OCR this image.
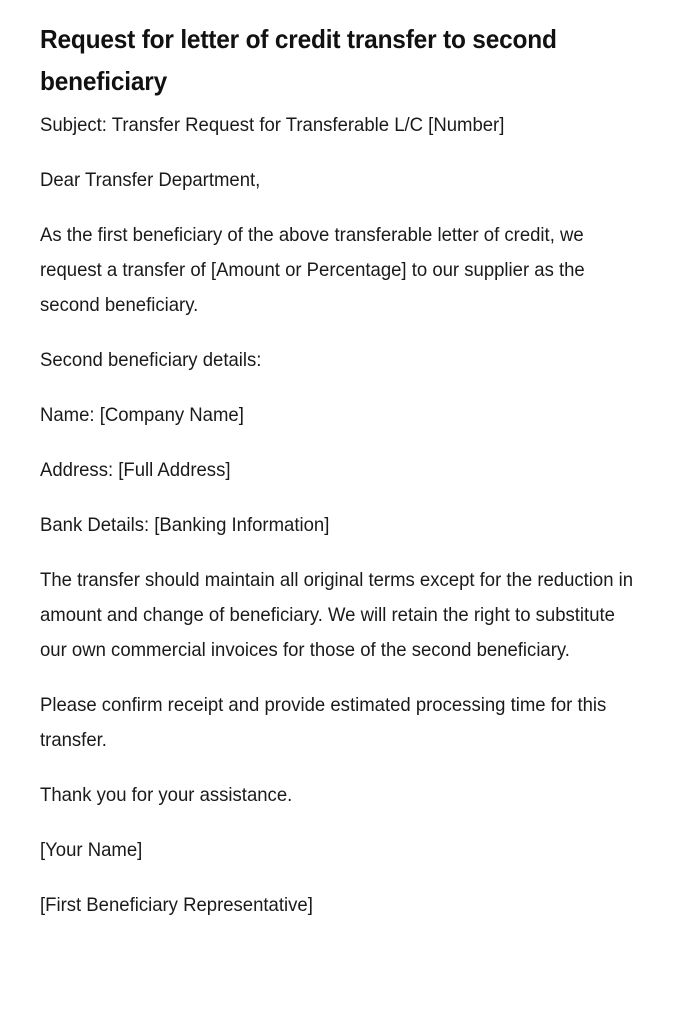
Request for letter of credit transfer to second beneficiary

Subject: Transfer Request for Transferable L/C [Number]

Dear Transfer Department,

As the first beneficiary of the above transferable letter of credit, we request a transfer of [Amount or Percentage] to our supplier as the second beneficiary.

Second beneficiary details:

Name: [Company Name]

Address: [Full Address]

Bank Details: [Banking Information]

The transfer should maintain all original terms except for the reduction in amount and change of beneficiary. We will retain the right to substitute our own commercial invoices for those of the second beneficiary.

Please confirm receipt and provide estimated processing time for this transfer.

Thank you for your assistance.

[Your Name]

[First Beneficiary Representative]
